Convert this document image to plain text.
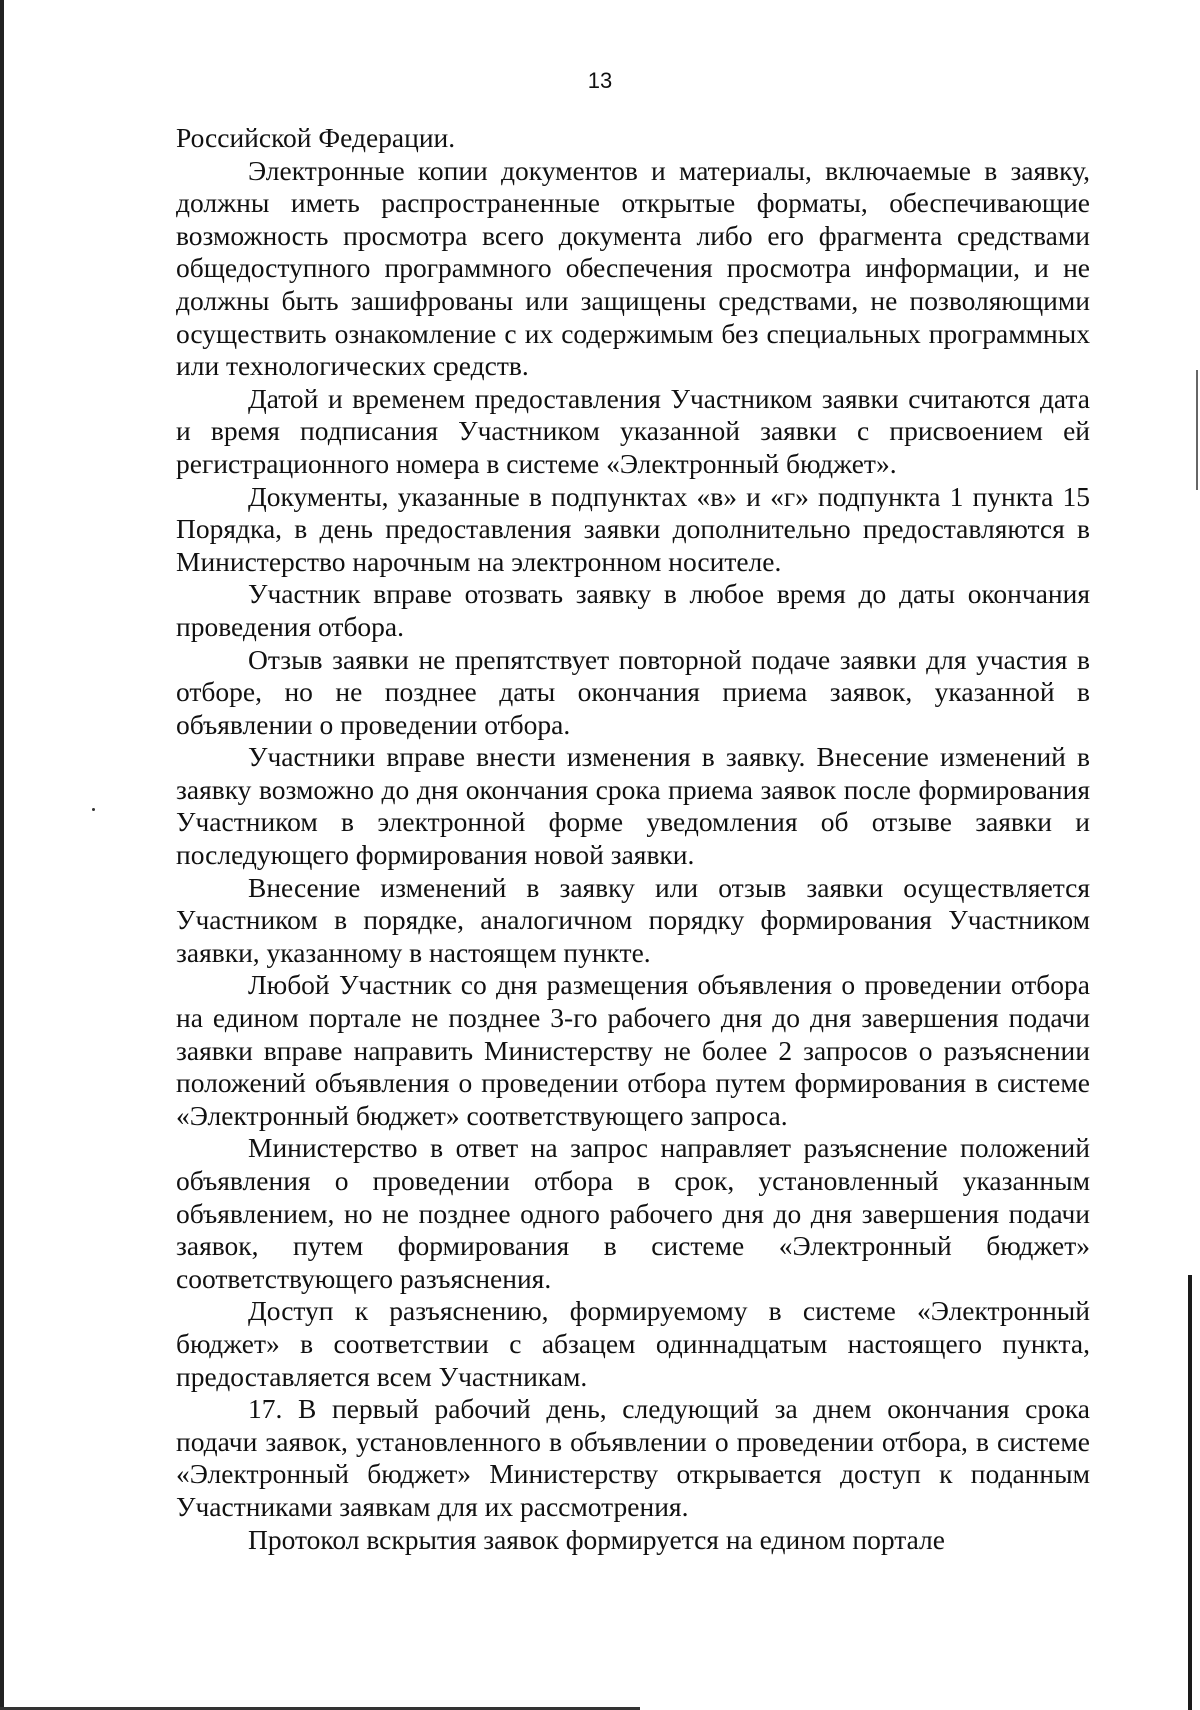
13

Российской Федерации.

Электронные копии документов и материалы, включаемые в заявку, должны иметь распространенные открытые форматы, обеспечивающие возможность просмотра всего документа либо его фрагмента средствами общедоступного программного обеспечения просмотра информации, и не должны быть зашифрованы или защищены средствами, не позволяющими осуществить ознакомление с их содержимым без специальных программных или технологических средств.

Датой и временем предоставления Участником заявки считаются дата и время подписания Участником указанной заявки с присвоением ей регистрационного номера в системе «Электронный бюджет».

Документы, указанные в подпунктах «в» и «г» подпункта 1 пункта 15 Порядка, в день предоставления заявки дополнительно предоставляются в Министерство нарочным на электронном носителе.

Участник вправе отозвать заявку в любое время до даты окончания проведения отбора.

Отзыв заявки не препятствует повторной подаче заявки для участия в отборе, но не позднее даты окончания приема заявок, указанной в объявлении о проведении отбора.

Участники вправе внести изменения в заявку. Внесение изменений в заявку возможно до дня окончания срока приема заявок после формирования Участником в электронной форме уведомления об отзыве заявки и последующего формирования новой заявки.

Внесение изменений в заявку или отзыв заявки осуществляется Участником в порядке, аналогичном порядку формирования Участником заявки, указанному в настоящем пункте.

Любой Участник со дня размещения объявления о проведении отбора на едином портале не позднее 3-го рабочего дня до дня завершения подачи заявки вправе направить Министерству не более 2 запросов о разъяснении положений объявления о проведении отбора путем формирования в системе «Электронный бюджет» соответствующего запроса.

Министерство в ответ на запрос направляет разъяснение положений объявления о проведении отбора в срок, установленный указанным объявлением, но не позднее одного рабочего дня до дня завершения подачи заявок, путем формирования в системе «Электронный бюджет» соответствующего разъяснения.

Доступ к разъяснению, формируемому в системе «Электронный бюджет» в соответствии с абзацем одиннадцатым настоящего пункта, предоставляется всем Участникам.

17. В первый рабочий день, следующий за днем окончания срока подачи заявок, установленного в объявлении о проведении отбора, в системе «Электронный бюджет» Министерству открывается доступ к поданным Участниками заявкам для их рассмотрения.

Протокол вскрытия заявок формируется на едином портале
